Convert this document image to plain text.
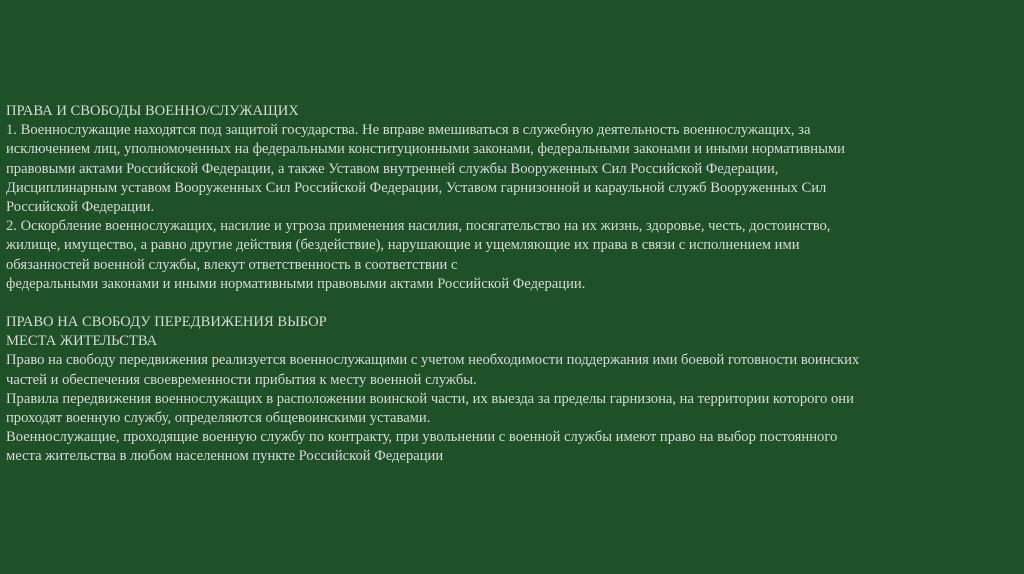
ПРАВА И СВОБОДЫ ВОЕННО/СЛУЖАЩИХ
1. Военнослужащие находятся под защитой государства. Не вправе вмешиваться в служебную деятельность военнослужащих, за
исключением лиц, уполномоченных на федеральными конституционными законами, федеральными законами и иными нормативными
правовыми актами Российской Федерации, а также Уставом внутренней службы Вооруженных Сил Российской Федерации,
Дисциплинарным уставом Вооруженных Сил Российской Федерации, Уставом гарнизонной и караульной служб Вооруженных Сил
Российской Федерации.
2. Оскорбление военнослужащих, насилие и угроза применения насилия, посягательство на их жизнь, здоровье, честь, достоинство,
жилище, имущество, а равно другие действия (бездействие), нарушающие и ущемляющие их права в связи с исполнением ими
обязанностей военной службы, влекут ответственность в соответствии с
федеральными законами и иными нормативными правовыми актами Российской Федерации.
ПРАВО НА СВОБОДУ ПЕРЕДВИЖЕНИЯ ВЫБОР
МЕСТА ЖИТЕЛЬСТВА
Право на свободу передвижения реализуется военнослужащими с учетом необходимости поддержания ими боевой готовности воинских
частей и обеспечения своевременности прибытия к месту военной службы.
Правила передвижения военнослужащих в расположении воинской части, их выезда за пределы гарнизона, на территории которого они
проходят военную службу, определяются общевоинскими уставами.
Военнослужащие, проходящие военную службу по контракту, при увольнении с военной службы имеют право на выбор постоянного
места жительства в любом населенном пункте Российской Федерации
